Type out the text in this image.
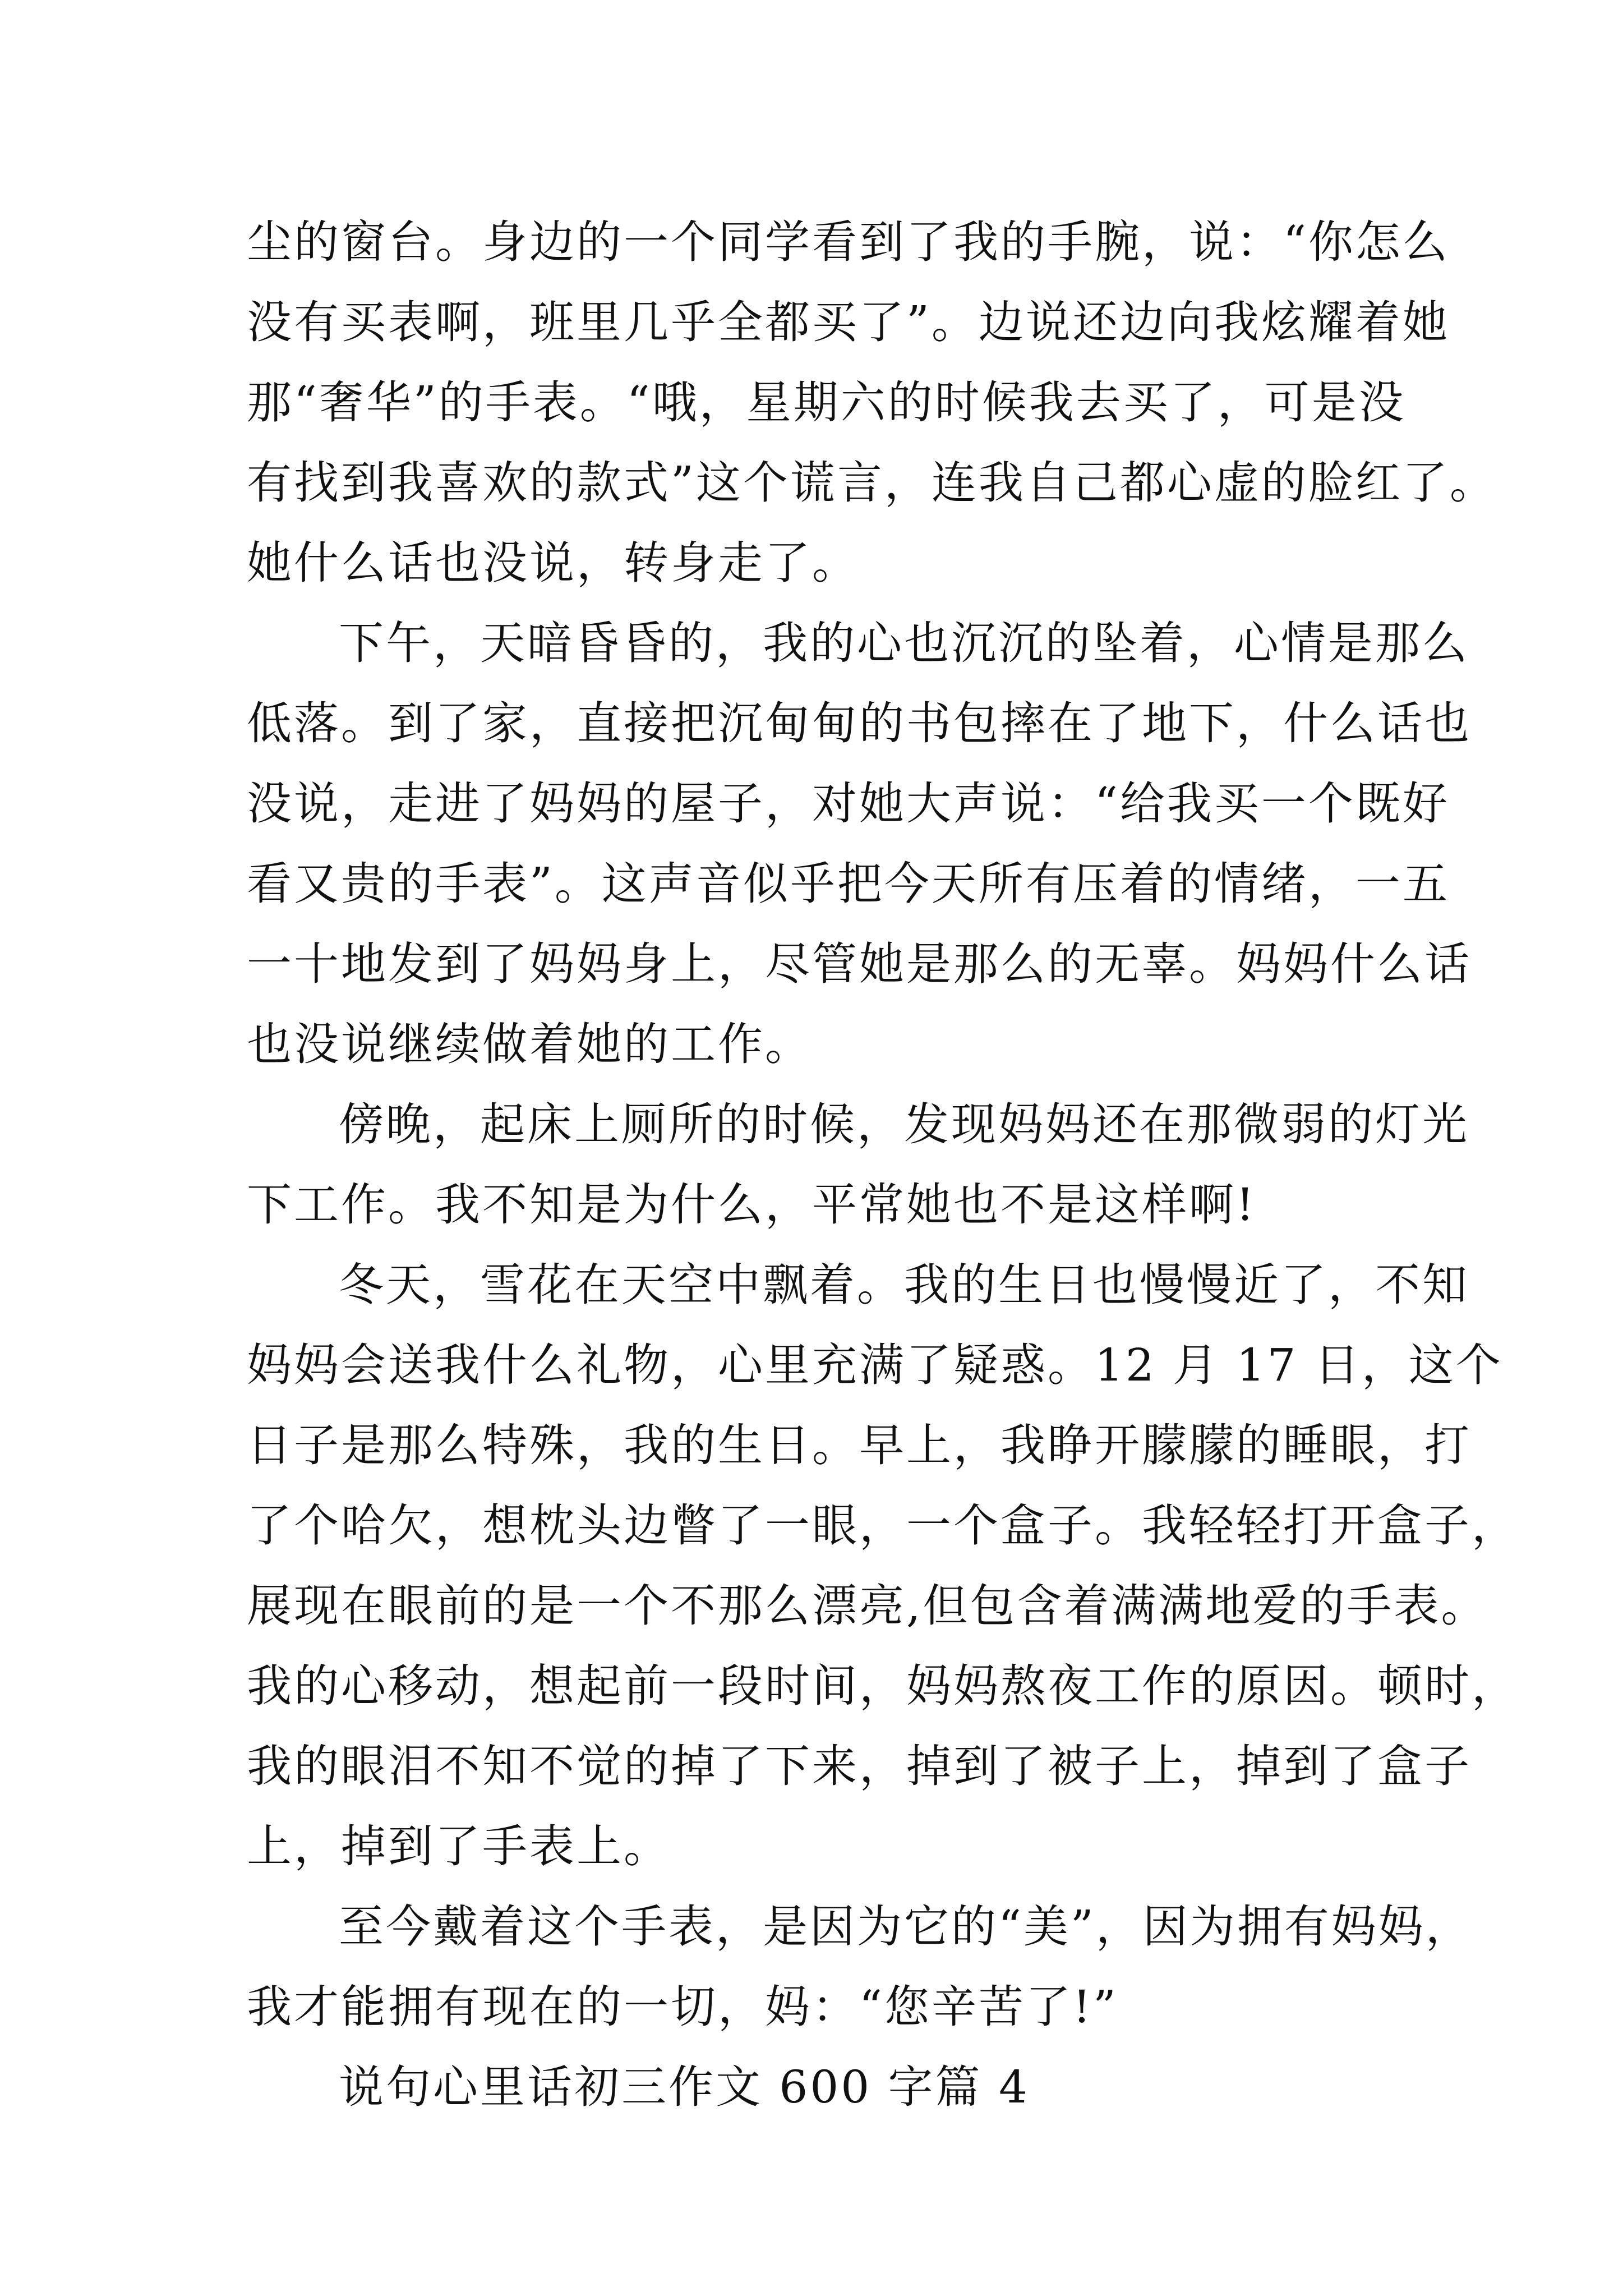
尘的窗台。身边的一个同学看到了我的手腕，说：“你怎么
没有买表啊，班里几乎全都买了”。边说还边向我炫耀着她
那“奢华”的手表。“哦，星期六的时候我去买了，可是没
有找到我喜欢的款式”这个谎言，连我自己都心虚的脸红了。
她什么话也没说，转身走了。
下午，天暗昏昏的，我的心也沉沉的坠着，心情是那么
低落。到了家，直接把沉甸甸的书包摔在了地下，什么话也
没说，走进了妈妈的屋子，对她大声说：“给我买一个既好
看又贵的手表”。这声音似乎把今天所有压着的情绪，一五
一十地发到了妈妈身上，尽管她是那么的无辜。妈妈什么话
也没说继续做着她的工作。
傍晚，起床上厕所的时候，发现妈妈还在那微弱的灯光
下工作。我不知是为什么，平常她也不是这样啊!
冬天，雪花在天空中飘着。我的生日也慢慢近了，不知
妈妈会送我什么礼物，心里充满了疑惑。12 月 17 日，这个
日子是那么特殊，我的生日。早上，我睁开朦朦的睡眼，打
了个哈欠，想枕头边瞥了一眼，一个盒子。我轻轻打开盒子，
展现在眼前的是一个不那么漂亮,但包含着满满地爱的手表。
我的心移动，想起前一段时间，妈妈熬夜工作的原因。顿时，
我的眼泪不知不觉的掉了下来，掉到了被子上，掉到了盒子
上，掉到了手表上。
至今戴着这个手表，是因为它的“美”，因为拥有妈妈，
我才能拥有现在的一切，妈：“您辛苦了!”
说句心里话初三作文 600 字篇 4
